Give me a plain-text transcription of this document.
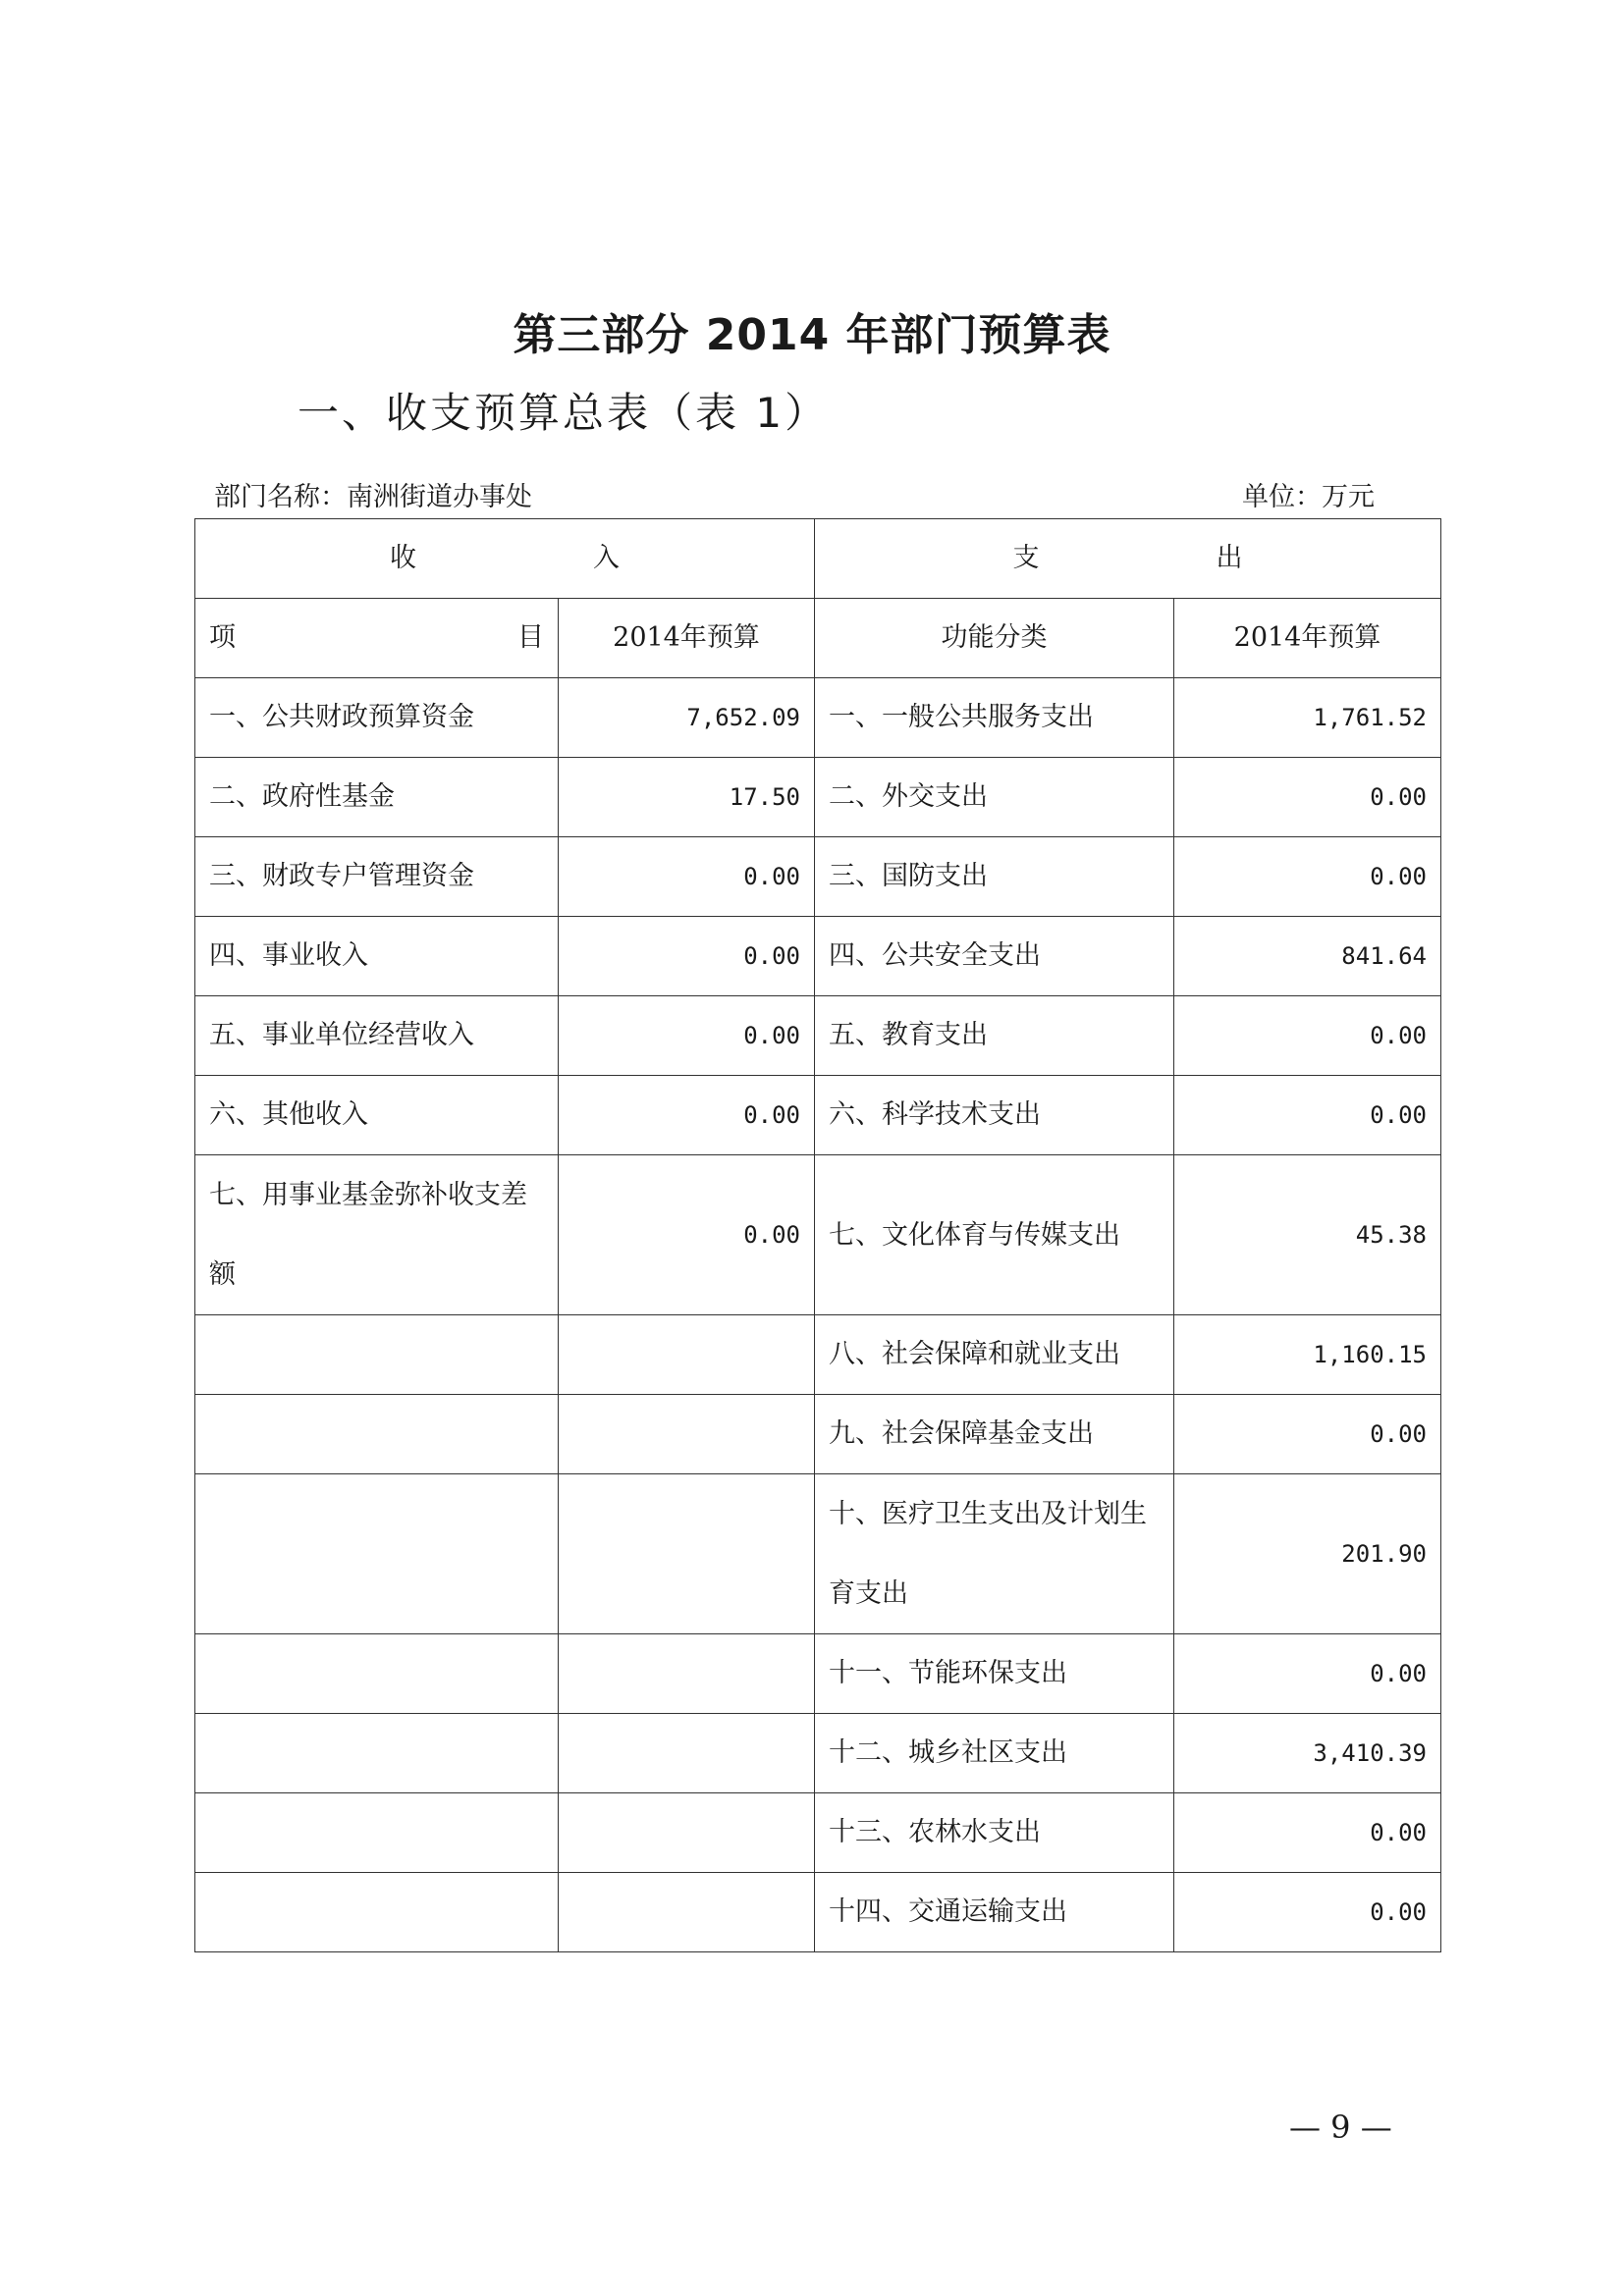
第三部分 2014 年部门预算表
一、收支预算总表（表 1）
部门名称：南洲街道办事处	单位：万元
收 入		支 出	
项 目	2014年预算	功能分类	2014年预算
一、公共财政预算资金	7,652.09	一、一般公共服务支出	1,761.52
二、政府性基金	17.50	二、外交支出	0.00
三、财政专户管理资金	0.00	三、国防支出	0.00
四、事业收入	0.00	四、公共安全支出	841.64
五、事业单位经营收入	0.00	五、教育支出	0.00
六、其他收入	0.00	六、科学技术支出	0.00
七、用事业基金弥补收支差额	0.00	七、文化体育与传媒支出	45.38
		八、社会保障和就业支出	1,160.15
		九、社会保障基金支出	0.00
		十、医疗卫生支出及计划生育支出	201.90
		十一、节能环保支出	0.00
		十二、城乡社区支出	3,410.39
		十三、农林水支出	0.00
		十四、交通运输支出	0.00
— 9 —
